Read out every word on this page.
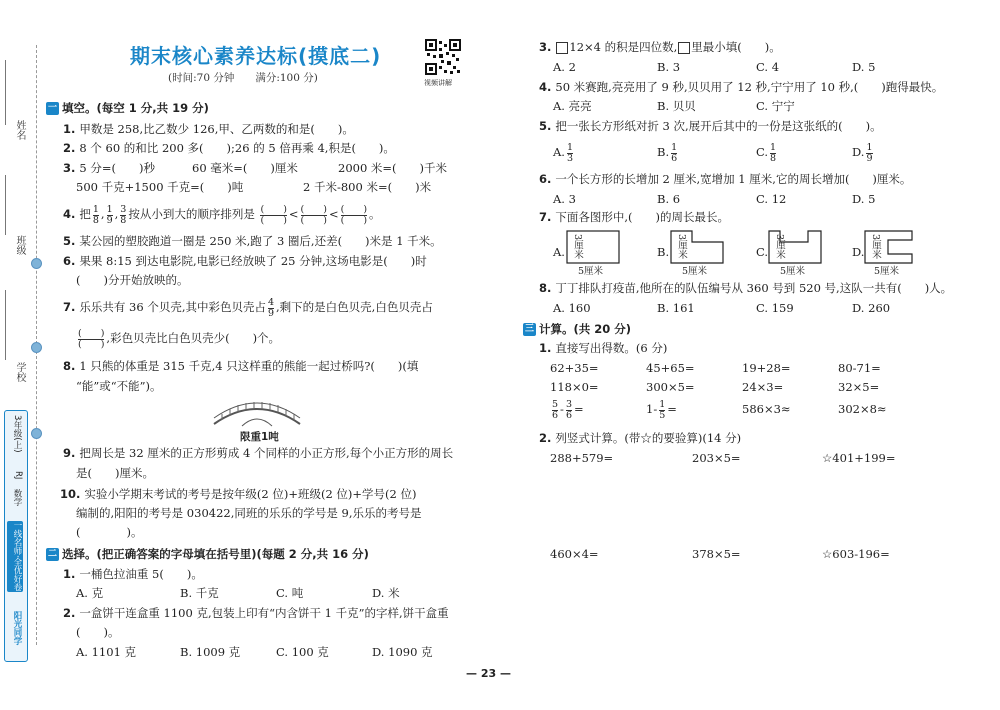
姓名
班级
学校
阳光同学
一线名师·全优好卷
数学
RJ
3年级(上)
期末核心素养达标(摸底二)
(时间:70 分钟　　满分:100 分)	视频讲解
一 填空。(每空 1 分,共 19 分)
1. 甲数是 258,比乙数少 126,甲、乙两数的和是(　　)。
2. 8 个 60 的和比 200 多(　　);26 的 5 倍再乘 4,积是(　　)。
3. 5 分=(　　)秒	60 毫米=(　　)厘米	2000 米=(　　)千米
500 千克+1500 千克=(　　)吨	2 千米-800 米=(　　)米
4. 把 $\frac{1}{8}$ , $\frac{1}{9}$ , $\frac{3}{8}$ 按从小到大的顺序排列是 $\frac{( )}{( )} < \frac{( )}{( )} < \frac{( )}{( )}$ 。
5. 某公园的塑胶跑道一圈是 250 米,跑了 3 圈后,还差(　　)米是 1 千米。
6. 果果 8:15 到达电影院,电影已经放映了 25 分钟,这场电影是(　　)时
(　　)分开始放映的。
7. 乐乐共有 36 个贝壳,其中彩色贝壳占 $\frac{4}{9}$ ,剩下的是白色贝壳,白色贝壳占
$\frac{( )}{( )}$ ,彩色贝壳比白色贝壳少(　　)个。
8. 1 只熊的体重是 315 千克,4 只这样重的熊能一起过桥吗?(　　)(填
“能”或“不能”)。
限重1吨
9. 把周长是 32 厘米的正方形剪成 4 个同样的小正方形,每个小正方形的周长
是(　　)厘米。
10. 实验小学期末考试的考号是按年级(2 位)+班级(2 位)+学号(2 位)
编制的,阳阳的考号是 030422,同班的乐乐的学号是 9,乐乐的考号是
(　　　　)。
二 选择。(把正确答案的字母填在括号里)(每题 2 分,共 16 分)
1. 一桶色拉油重 5(　　)。
A. 克	B. 千克	C. 吨	D. 米
2. 一盒饼干连盒重 1100 克,包装上印有“内含饼干 1 千克”的字样,饼干盒重
(　　)。
A. 1101 克	B. 1009 克	C. 100 克	D. 1090 克
3. 12×4 的积是四位数, 里最小填(　　)。
A. 2	B. 3	C. 4	D. 5
4. 50 米赛跑,亮亮用了 9 秒,贝贝用了 12 秒,宁宁用了 10 秒,(　　)跑得最快。
A. 亮亮	B. 贝贝	C. 宁宁
5. 把一张长方形纸对折 3 次,展开后其中的一份是这张纸的(　　)。
A. $\frac{1}{3}$	B. $\frac{1}{6}$	C. $\frac{1}{8}$	D. $\frac{1}{9}$
6. 一个长方形的长增加 2 厘米,宽增加 1 厘米,它的周长增加(　　)厘米。
A. 3	B. 6	C. 12	D. 5
7. 下面各图形中,(　　)的周长最长。
A. 3厘米
5厘米
B. 3厘米
5厘米
C. 3厘米
5厘米
D. 3厘米
5厘米
8. 丁丁排队打疫苗,他所在的队伍编号从 360 号到 520 号,这队一共有(　　)人。
A. 160	B. 161	C. 159	D. 260
三 计算。(共 20 分)
1. 直接写出得数。(6 分)
62+35=	45+65=	19+28=	80-71=
118×0=	300×5=	24×3=	32×5=
$\frac{5}{6} - \frac{3}{6}$ =	$1- \frac{1}{5}$ =	586×3≈	302×8≈
2. 列竖式计算。(带☆的要验算)(14 分)
288+579=	203×5=	☆401+199=
460×4=	378×5=	☆603-196=
— 23 —
